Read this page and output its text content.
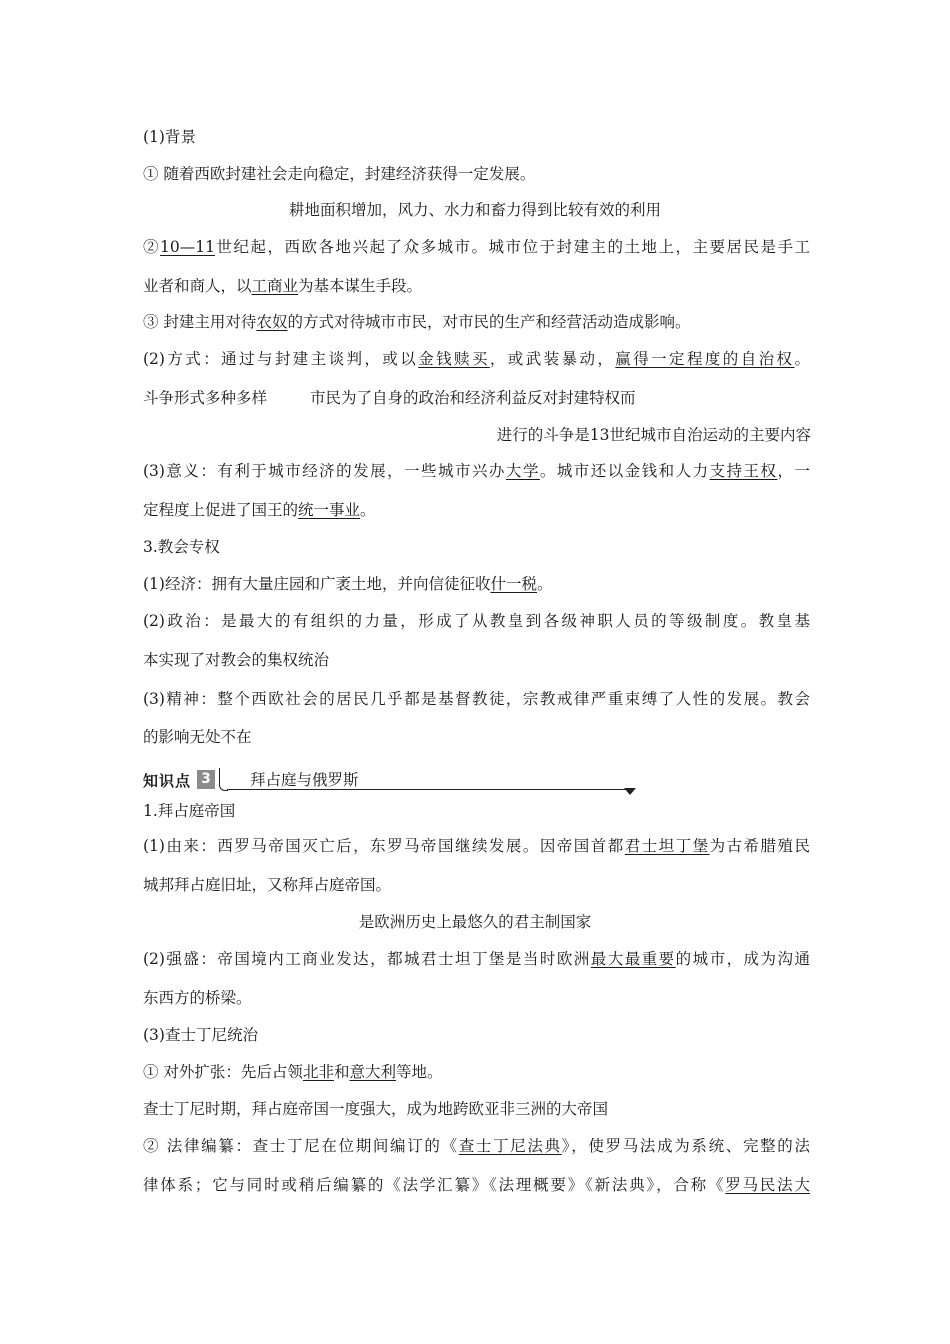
(1)背景
① 随着西欧封建社会走向稳定，封建经济获得一定发展。
耕地面积增加，风力、水力和畜力得到比较有效的利用
②10—11世纪起，西欧各地兴起了众多城市。城市位于封建主的土地上，主要居民是手工
业者和商人，以工商业为基本谋生手段。
③ 封建主用对待农奴的方式对待城市市民，对市民的生产和经营活动造成影响。
(2)方式：通过与封建主谈判，或以金钱赎买，或武装暴动，赢得一定程度的自治权。
斗争形式多种多样	市民为了自身的政治和经济利益反对封建特权而
进行的斗争是13世纪城市自治运动的主要内容
(3)意义：有利于城市经济的发展，一些城市兴办大学。城市还以金钱和人力支持王权，一
定程度上促进了国王的统一事业。
3.教会专权
(1)经济：拥有大量庄园和广袤土地，并向信徒征收什一税。
(2)政治：是最大的有组织的力量，形成了从教皇到各级神职人员的等级制度。教皇基
本实现了对教会的集权统治
(3)精神：整个西欧社会的居民几乎都是基督教徒，宗教戒律严重束缚了人性的发展。教会
的影响无处不在
知识点 3	拜占庭与俄罗斯
1.拜占庭帝国
(1)由来：西罗马帝国灭亡后，东罗马帝国继续发展。因帝国首都君士坦丁堡为古希腊殖民
城邦拜占庭旧址，又称拜占庭帝国。
是欧洲历史上最悠久的君主制国家
(2)强盛：帝国境内工商业发达，都城君士坦丁堡是当时欧洲最大最重要的城市，成为沟通
东西方的桥梁。
(3)查士丁尼统治
① 对外扩张：先后占领北非和意大利等地。
查士丁尼时期，拜占庭帝国一度强大，成为地跨欧亚非三洲的大帝国
② 法律编纂：查士丁尼在位期间编订的《查士丁尼法典》，使罗马法成为系统、完整的法
律体系；它与同时或稍后编纂的《法学汇纂》《法理概要》《新法典》，合称《罗马民法大
